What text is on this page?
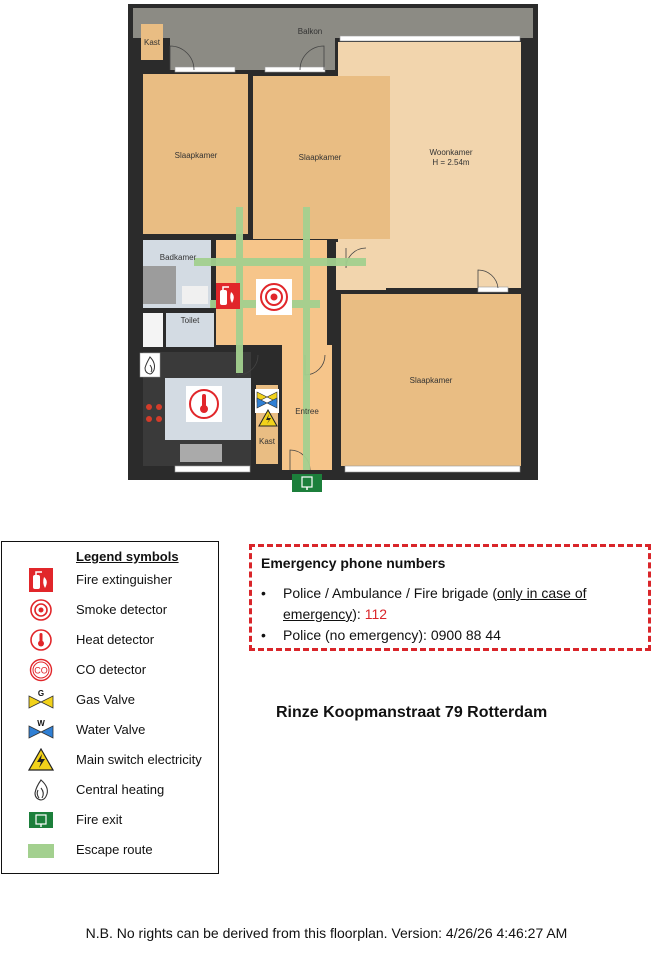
Balkon
Kast
Slaapkamer	Slaapkamer
Woonkamer
H = 2.54m
Badkamer
Toilet
Slaapkamer
Entree
Kast
Legend symbols
Fire extinguisher
Smoke detector
Heat detector
CO CO detector
G Gas Valve
W Water Valve
Main switch electricity
Central heating
Fire exit
Escape route
Emergency phone numbers
• Police / Ambulance / Fire brigade (only in case of emergency): 112
• Police (no emergency): 0900 88 44
Rinze Koopmanstraat 79 Rotterdam
N.B. No rights can be derived from this floorplan. Version: 4/26/26 4:46:27 AM
